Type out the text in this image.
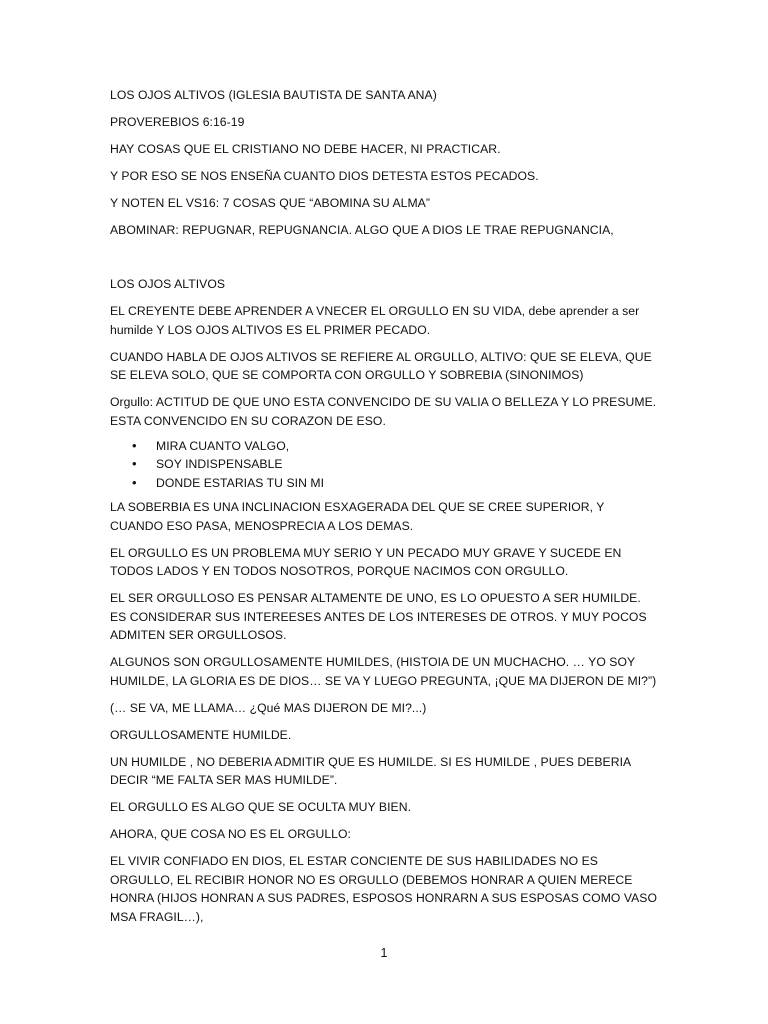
LOS OJOS ALTIVOS (IGLESIA BAUTISTA DE SANTA ANA)

PROVEREBIOS 6:16-19

HAY COSAS QUE EL CRISTIANO NO DEBE HACER, NI PRACTICAR.

Y POR ESO SE NOS ENSEÑA CUANTO DIOS DETESTA ESTOS PECADOS.

Y NOTEN EL VS16: 7 COSAS QUE “ABOMINA SU ALMA”

ABOMINAR: REPUGNAR, REPUGNANCIA. ALGO QUE A DIOS LE TRAE REPUGNANCIA,

LOS OJOS ALTIVOS

EL CREYENTE DEBE APRENDER A VNECER EL ORGULLO EN SU VIDA, debe aprender a ser humilde Y LOS OJOS ALTIVOS ES EL PRIMER PECADO.

CUANDO HABLA DE OJOS ALTIVOS SE REFIERE AL ORGULLO, ALTIVO: QUE SE ELEVA, QUE SE ELEVA SOLO, QUE SE COMPORTA CON ORGULLO Y SOBREBIA (SINONIMOS)

Orgullo: ACTITUD DE QUE UNO ESTA CONVENCIDO DE SU VALIA O BELLEZA Y LO PRESUME. ESTA CONVENCIDO EN SU CORAZON DE ESO.

• MIRA CUANTO VALGO,
• SOY INDISPENSABLE
• DONDE ESTARIAS TU SIN MI

LA SOBERBIA ES UNA INCLINACION ESXAGERADA DEL QUE SE CREE SUPERIOR, Y CUANDO ESO PASA, MENOSPRECIA A LOS DEMAS.

EL ORGULLO ES UN PROBLEMA MUY SERIO Y UN PECADO MUY GRAVE Y SUCEDE EN TODOS LADOS Y EN TODOS NOSOTROS, PORQUE NACIMOS CON ORGULLO.

EL SER ORGULLOSO ES PENSAR ALTAMENTE DE UNO, ES LO OPUESTO A SER HUMILDE. ES CONSIDERAR SUS INTEREESES ANTES DE LOS INTERESES DE OTROS. Y MUY POCOS ADMITEN SER ORGULLOSOS.

ALGUNOS SON ORGULLOSAMENTE HUMILDES, (HISTOIA DE UN MUCHACHO. … YO SOY HUMILDE, LA GLORIA ES DE DIOS… SE VA Y LUEGO PREGUNTA, ¡QUE MA DIJERON DE MI?”)

(… SE VA, ME LLAMA… ¿Qué MAS DIJERON DE MI?...)

ORGULLOSAMENTE HUMILDE.

UN HUMILDE , NO DEBERIA ADMITIR QUE ES HUMILDE. SI ES HUMILDE , PUES DEBERIA DECIR “ME FALTA SER MAS HUMILDE”.

EL ORGULLO ES ALGO QUE SE OCULTA MUY BIEN.

AHORA, QUE COSA NO ES EL ORGULLO:

EL VIVIR CONFIADO EN DIOS, EL ESTAR CONCIENTE DE SUS HABILIDADES NO ES ORGULLO, EL RECIBIR HONOR NO ES ORGULLO (DEBEMOS HONRAR A QUIEN MERECE HONRA (HIJOS HONRAN A SUS PADRES, ESPOSOS HONRARN A SUS ESPOSAS COMO VASO MSA FRAGIL…),

1
